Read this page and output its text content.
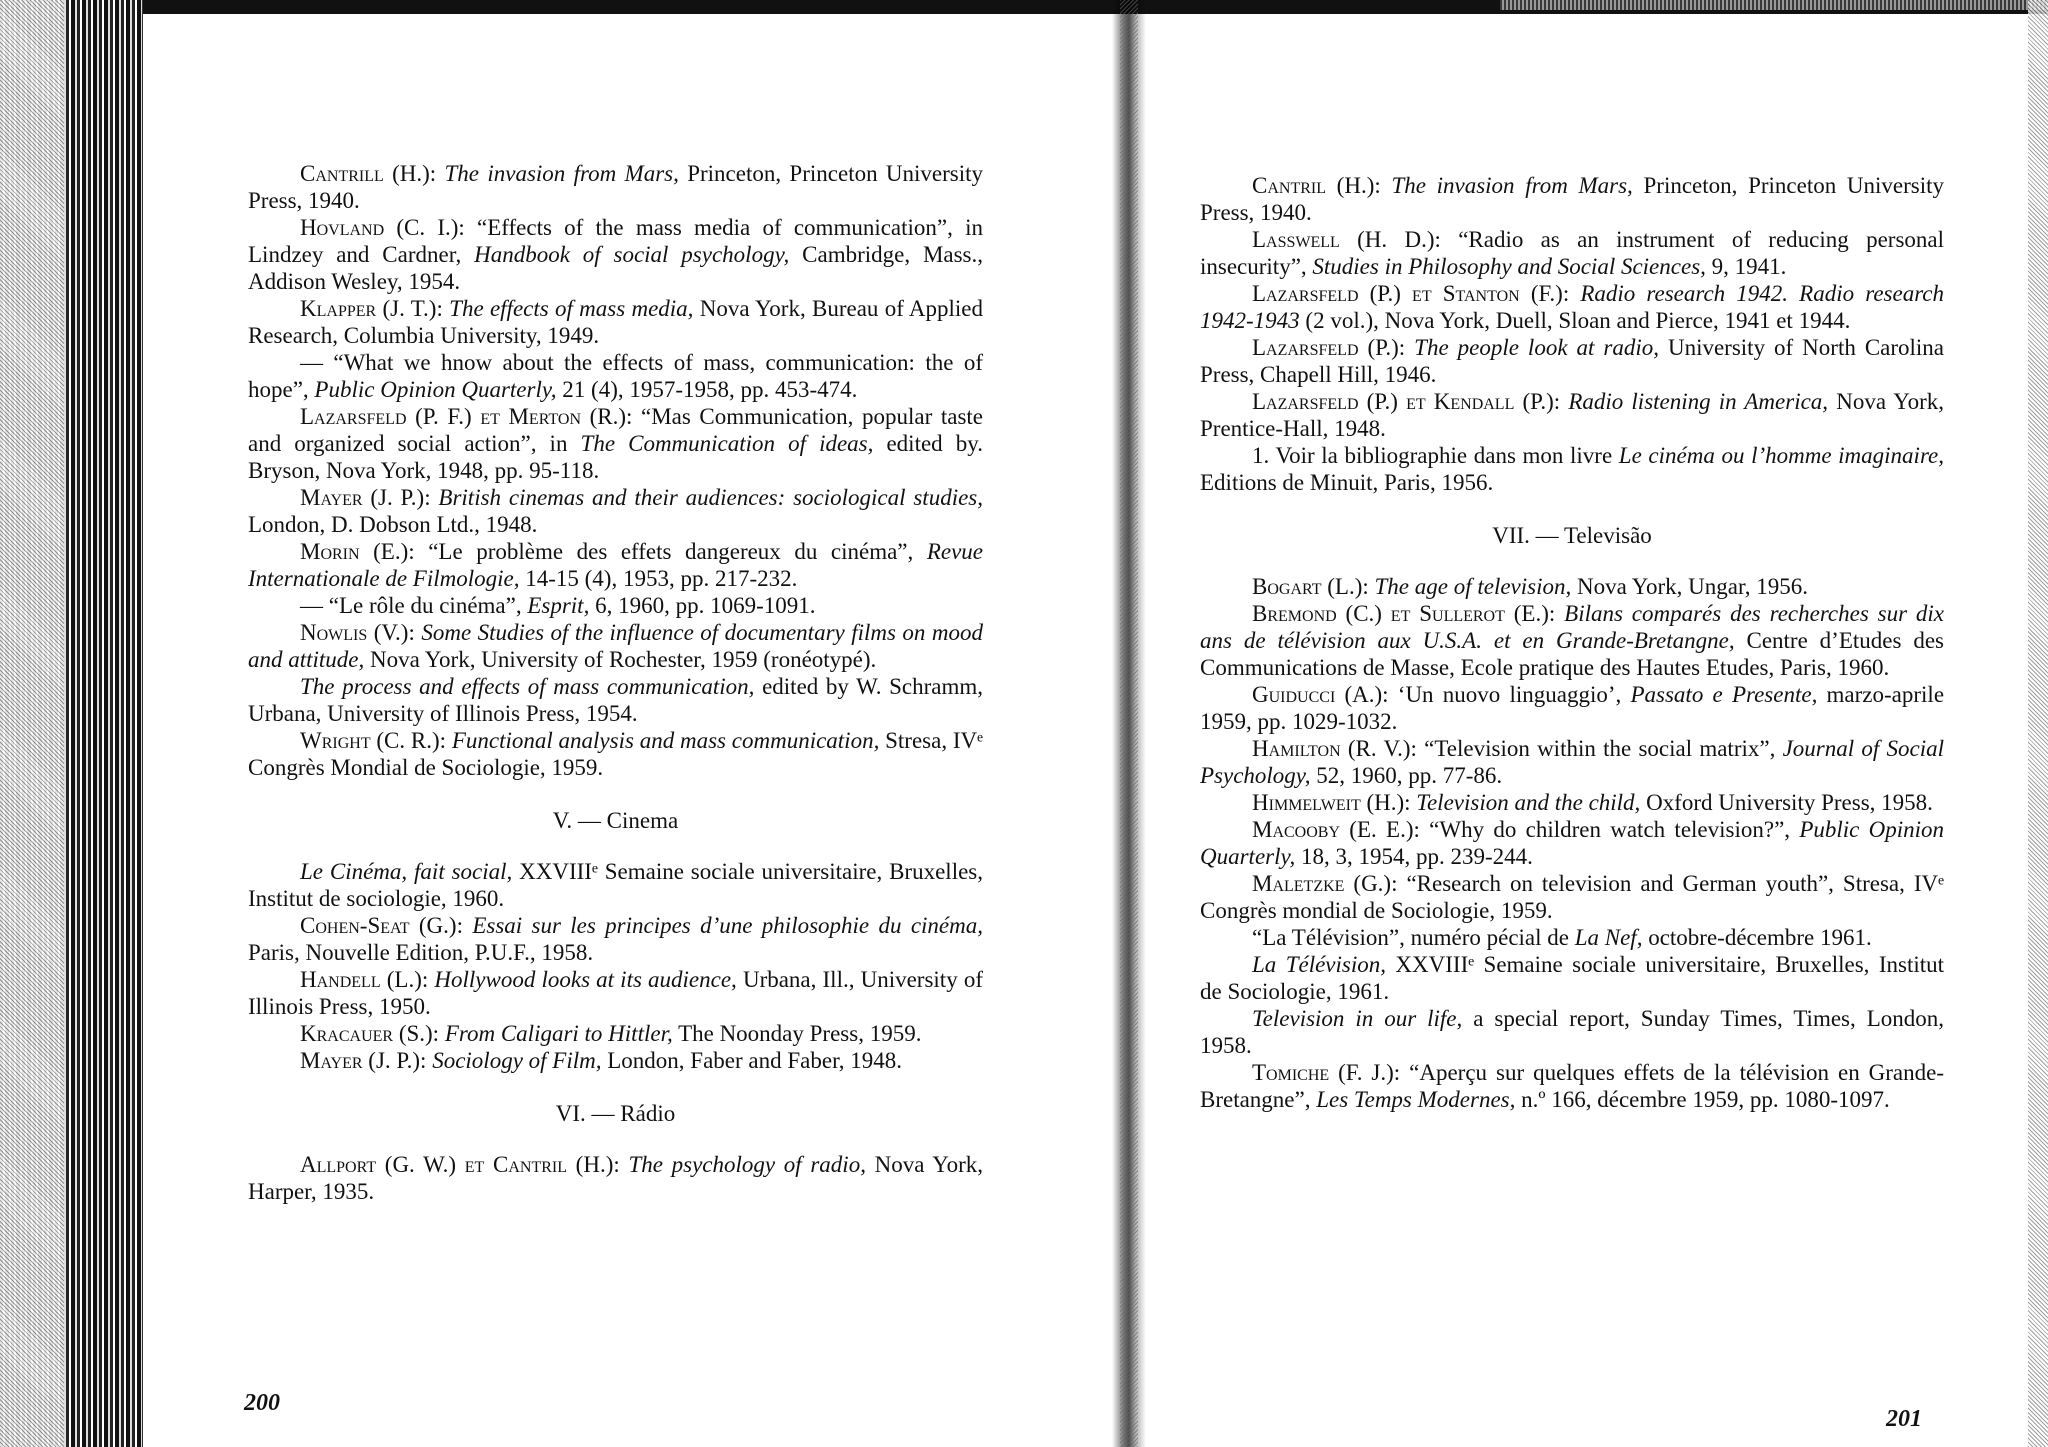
Cantrill (H.): The invasion from Mars, Princeton, Princeton University Press, 1940.

Hovland (C. I.): “Effects of the mass media of communication”, in Lindzey and Cardner, Handbook of social psychology, Cambridge, Mass., Addison Wesley, 1954.

Klapper (J. T.): The effects of mass media, Nova York, Bureau of Applied Research, Columbia University, 1949.

— “What we hnow about the effects of mass, communication: the of hope”, Public Opinion Quarterly, 21 (4), 1957-1958, pp. 453-474.

Lazarsfeld (P. F.) et Merton (R.): “Mas Communication, popular taste and organized social action”, in The Communication of ideas, edited by. Bryson, Nova York, 1948, pp. 95-118.

Mayer (J. P.): British cinemas and their audiences: sociological studies, London, D. Dobson Ltd., 1948.

Morin (E.): “Le problème des effets dangereux du cinéma”, Revue Internationale de Filmologie, 14-15 (4), 1953, pp. 217-232.

— “Le rôle du cinéma”, Esprit, 6, 1960, pp. 1069-1091.

Nowlis (V.): Some Studies of the influence of documentary films on mood and attitude, Nova York, University of Rochester, 1959 (ronéotypé).

The process and effects of mass communication, edited by W. Schramm, Urbana, University of Illinois Press, 1954.

Wright (C. R.): Functional analysis and mass communication, Stresa, IVᵉ Congrès Mondial de Sociologie, 1959.

V. — Cinema

Le Cinéma, fait social, XXVIIIᵉ Semaine sociale universitaire, Bruxelles, Institut de sociologie, 1960.

Cohen-Seat (G.): Essai sur les principes d’une philosophie du cinéma, Paris, Nouvelle Edition, P.U.F., 1958.

Handell (L.): Hollywood looks at its audience, Urbana, Ill., University of Illinois Press, 1950.

Kracauer (S.): From Caligari to Hittler, The Noonday Press, 1959.

Mayer (J. P.): Sociology of Film, London, Faber and Faber, 1948.

VI. — Rádio

Allport (G. W.) et Cantril (H.): The psychology of radio, Nova York, Harper, 1935.

200

Cantril (H.): The invasion from Mars, Princeton, Princeton University Press, 1940.

Lasswell (H. D.): “Radio as an instrument of reducing personal insecurity”, Studies in Philosophy and Social Sciences, 9, 1941.

Lazarsfeld (P.) et Stanton (F.): Radio research 1942. Radio research 1942-1943 (2 vol.), Nova York, Duell, Sloan and Pierce, 1941 et 1944.

Lazarsfeld (P.): The people look at radio, University of North Carolina Press, Chapell Hill, 1946.

Lazarsfeld (P.) et Kendall (P.): Radio listening in America, Nova York, Prentice-Hall, 1948.

1. Voir la bibliographie dans mon livre Le cinéma ou l’homme imaginaire, Editions de Minuit, Paris, 1956.

VII. — Televisão

Bogart (L.): The age of television, Nova York, Ungar, 1956.

Bremond (C.) et Sullerot (E.): Bilans comparés des recherches sur dix ans de télévision aux U.S.A. et en Grande-Bretangne, Centre d’Etudes des Communications de Masse, Ecole pratique des Hautes Etudes, Paris, 1960.

Guiducci (A.): ‘Un nuovo linguaggio’, Passato e Presente, marzo-aprile 1959, pp. 1029-1032.

Hamilton (R. V.): “Television within the social matrix”, Journal of Social Psychology, 52, 1960, pp. 77-86.

Himmelweit (H.): Television and the child, Oxford University Press, 1958.

Macooby (E. E.): “Why do children watch television?”, Public Opinion Quarterly, 18, 3, 1954, pp. 239-244.

Maletzke (G.): “Research on television and German youth”, Stresa, IVᵉ Congrès mondial de Sociologie, 1959.

“La Télévision”, numéro pécial de La Nef, octobre-décembre 1961.

La Télévision, XXVIIIᵉ Semaine sociale universitaire, Bruxelles, Institut de Sociologie, 1961.

Television in our life, a special report, Sunday Times, Times, London, 1958.

Tomiche (F. J.): “Aperçu sur quelques effets de la télévision en Grande-Bretangne”, Les Temps Modernes, n.º 166, décembre 1959, pp. 1080-1097.

201
